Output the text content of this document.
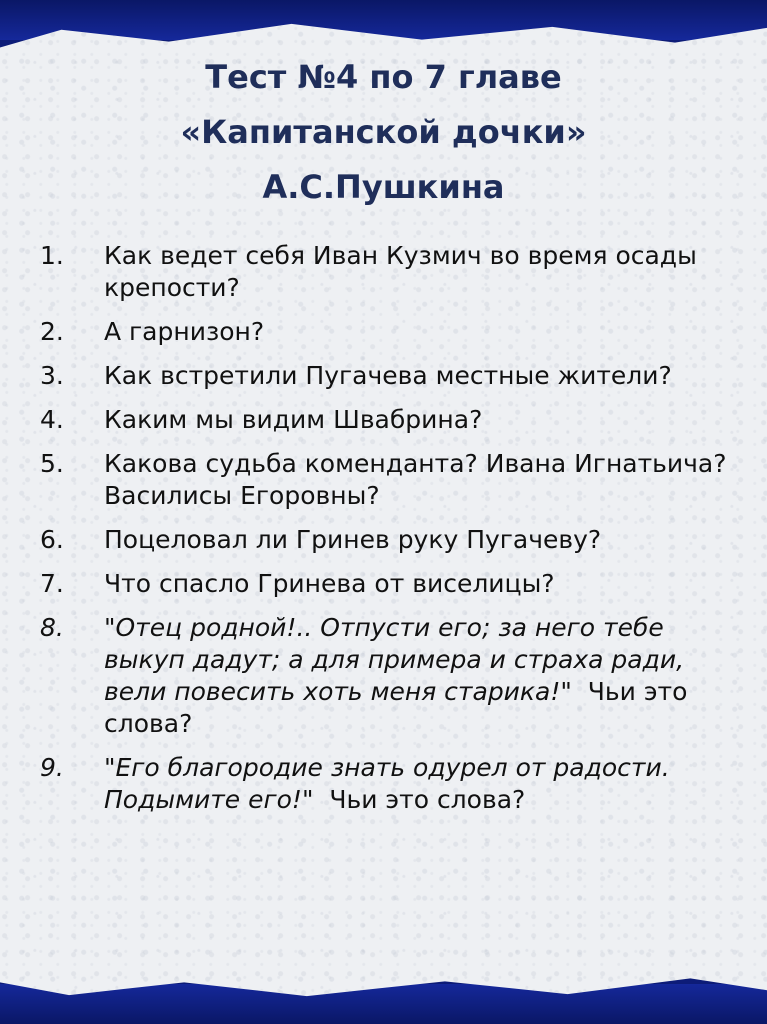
Тест №4 по 7 главе
«Капитанской дочки»
А.С.Пушкина
1.	Как ведет себя Иван Кузмич во время осады крепости?
2.	А гарнизон?
3.	Как встретили Пугачева местные жители?
4.	Каким мы видим Швабрина?
5.	Какова судьба коменданта? Ивана Игнатьича? Василисы Егоровны?
6.	Поцеловал ли Гринев руку Пугачеву?
7.	Что спасло Гринева от виселицы?
8.	"Отец родной!.. Отпусти его; за него тебе выкуп дадут; а для примера и страха ради, вели повесить хоть меня старика!"  Чьи это слова?
9.	"Его благородие знать одурел от радости. Подымите его!"  Чьи это слова?
